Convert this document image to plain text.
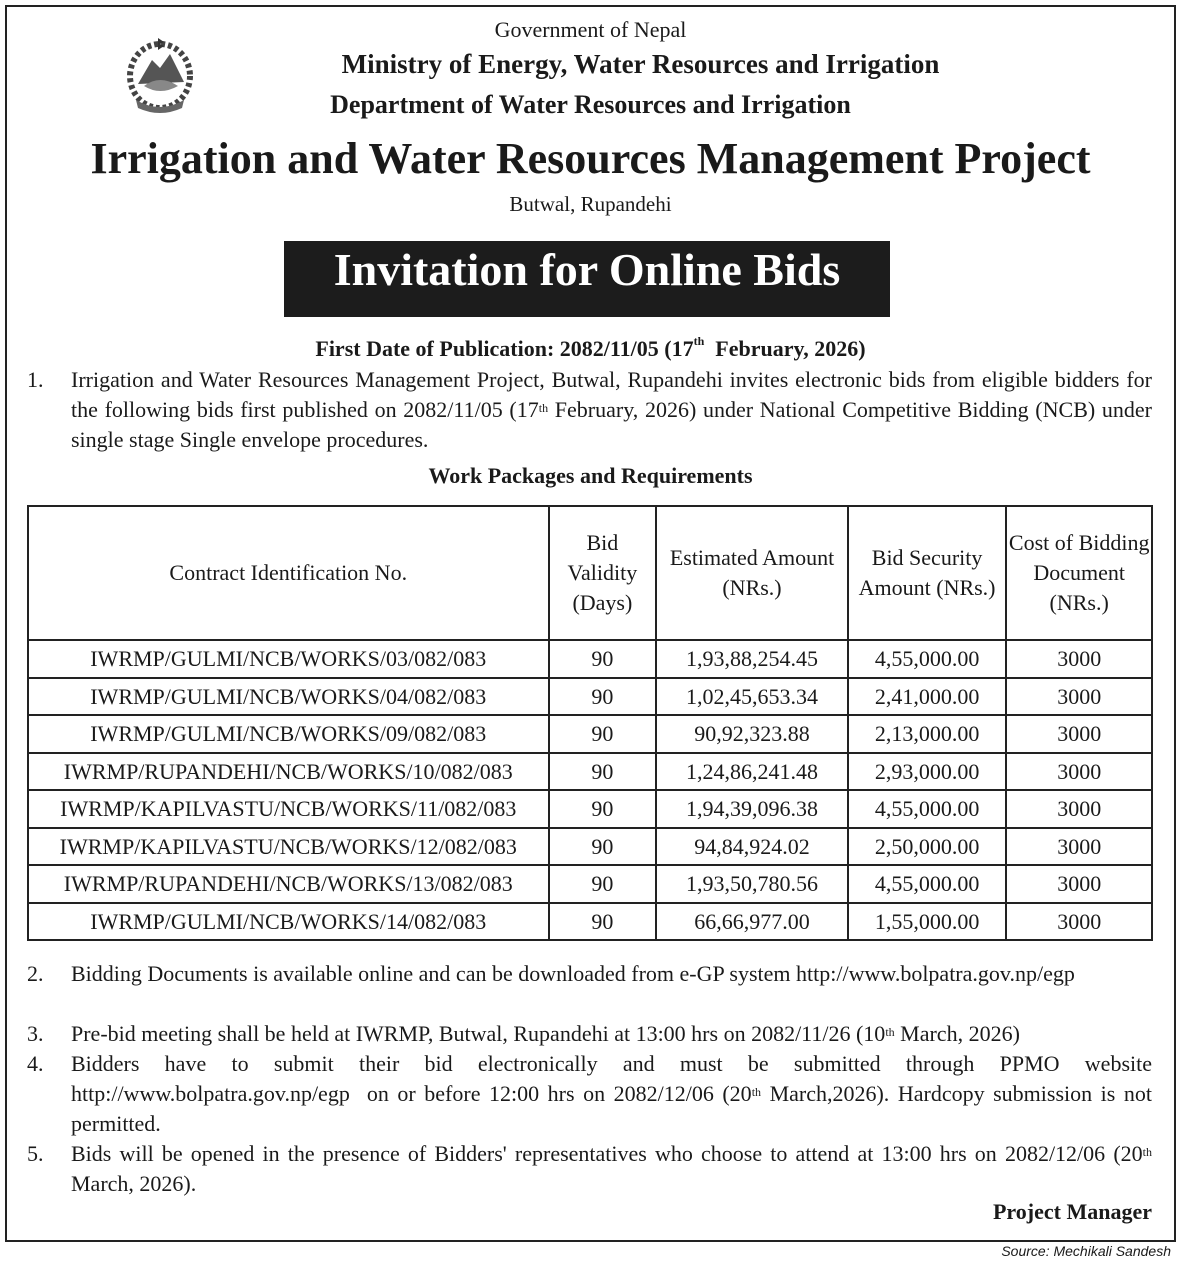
Government of Nepal
Ministry of Energy, Water Resources and Irrigation
Department of Water Resources and Irrigation
Irrigation and Water Resources Management Project
Butwal, Rupandehi
Invitation for Online Bids
First Date of Publication: 2082/11/05 (17th  February, 2026)
1. Irrigation and Water Resources Management Project, Butwal, Rupandehi invites electronic bids from eligible bidders for the following bids first published on 2082/11/05 (17th February, 2026) under National Competitive Bidding (NCB) under single stage Single envelope procedures.
Work Packages and Requirements
Contract Identification No.	Bid Validity (Days)	Estimated Amount (NRs.)	Bid Security Amount (NRs.)	Cost of Bidding Document (NRs.)
IWRMP/GULMI/NCB/WORKS/03/082/083	90	1,93,88,254.45	4,55,000.00	3000
IWRMP/GULMI/NCB/WORKS/04/082/083	90	1,02,45,653.34	2,41,000.00	3000
IWRMP/GULMI/NCB/WORKS/09/082/083	90	90,92,323.88	2,13,000.00	3000
IWRMP/RUPANDEHI/NCB/WORKS/10/082/083	90	1,24,86,241.48	2,93,000.00	3000
IWRMP/KAPILVASTU/NCB/WORKS/11/082/083	90	1,94,39,096.38	4,55,000.00	3000
IWRMP/KAPILVASTU/NCB/WORKS/12/082/083	90	94,84,924.02	2,50,000.00	3000
IWRMP/RUPANDEHI/NCB/WORKS/13/082/083	90	1,93,50,780.56	4,55,000.00	3000
IWRMP/GULMI/NCB/WORKS/14/082/083	90	66,66,977.00	1,55,000.00	3000
2. Bidding Documents is available online and can be downloaded from e-GP system http://www.bolpatra.gov.np/egp
3. Pre-bid meeting shall be held at IWRMP, Butwal, Rupandehi at 13:00 hrs on 2082/11/26 (10th March, 2026)
4. Bidders have to submit their bid electronically and must be submitted through PPMO website http://www.bolpatra.gov.np/egp  on or before 12:00 hrs on 2082/12/06 (20th March,2026). Hardcopy submission is not permitted.
5. Bids will be opened in the presence of Bidders' representatives who choose to attend at 13:00 hrs on 2082/12/06 (20th March, 2026).
Project Manager
Source: Mechikali Sandesh
